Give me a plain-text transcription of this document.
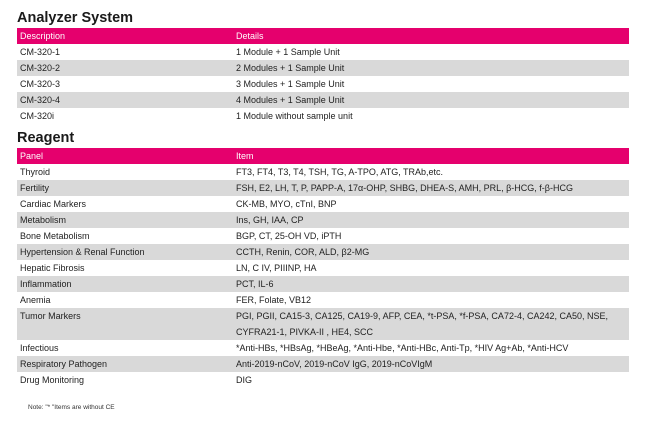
Analyzer System
Description	Details
CM-320-1	1 Module + 1 Sample Unit
CM-320-2	2 Modules + 1 Sample Unit
CM-320-3	3 Modules + 1 Sample Unit
CM-320-4	4 Modules + 1 Sample Unit
CM-320i	1 Module without sample unit
Reagent
Panel	Item
Thyroid	FT3, FT4, T3, T4, TSH, TG, A-TPO, ATG, TRAb,etc.
Fertility	FSH, E2, LH, T, P, PAPP-A, 17α-OHP, SHBG, DHEA-S, AMH, PRL, β-HCG, f-β-HCG
Cardiac Markers	CK-MB, MYO, cTnI, BNP
Metabolism	Ins, GH, IAA, CP
Bone Metabolism	BGP, CT, 25-OH VD, iPTH
Hypertension & Renal Function	CCTH, Renin, COR, ALD, β2-MG
Hepatic Fibrosis	LN, C IV, PIIINP, HA
Inflammation	PCT, IL-6
Anemia	FER, Folate, VB12
Tumor Markers	PGI, PGII, CA15-3, CA125, CA19-9, AFP, CEA, *t-PSA, *f-PSA, CA72-4, CA242, CA50, NSE, CYFRA21-1, PIVKA-II , HE4, SCC
Infectious	*Anti-HBs, *HBsAg, *HBeAg, *Anti-Hbe, *Anti-HBc, Anti-Tp, *HIV Ag+Ab, *Anti-HCV
Respiratory Pathogen	Anti-2019-nCoV, 2019-nCoV IgG, 2019-nCoVIgM
Drug Monitoring	DIG
Note: "* "Items are without CE
